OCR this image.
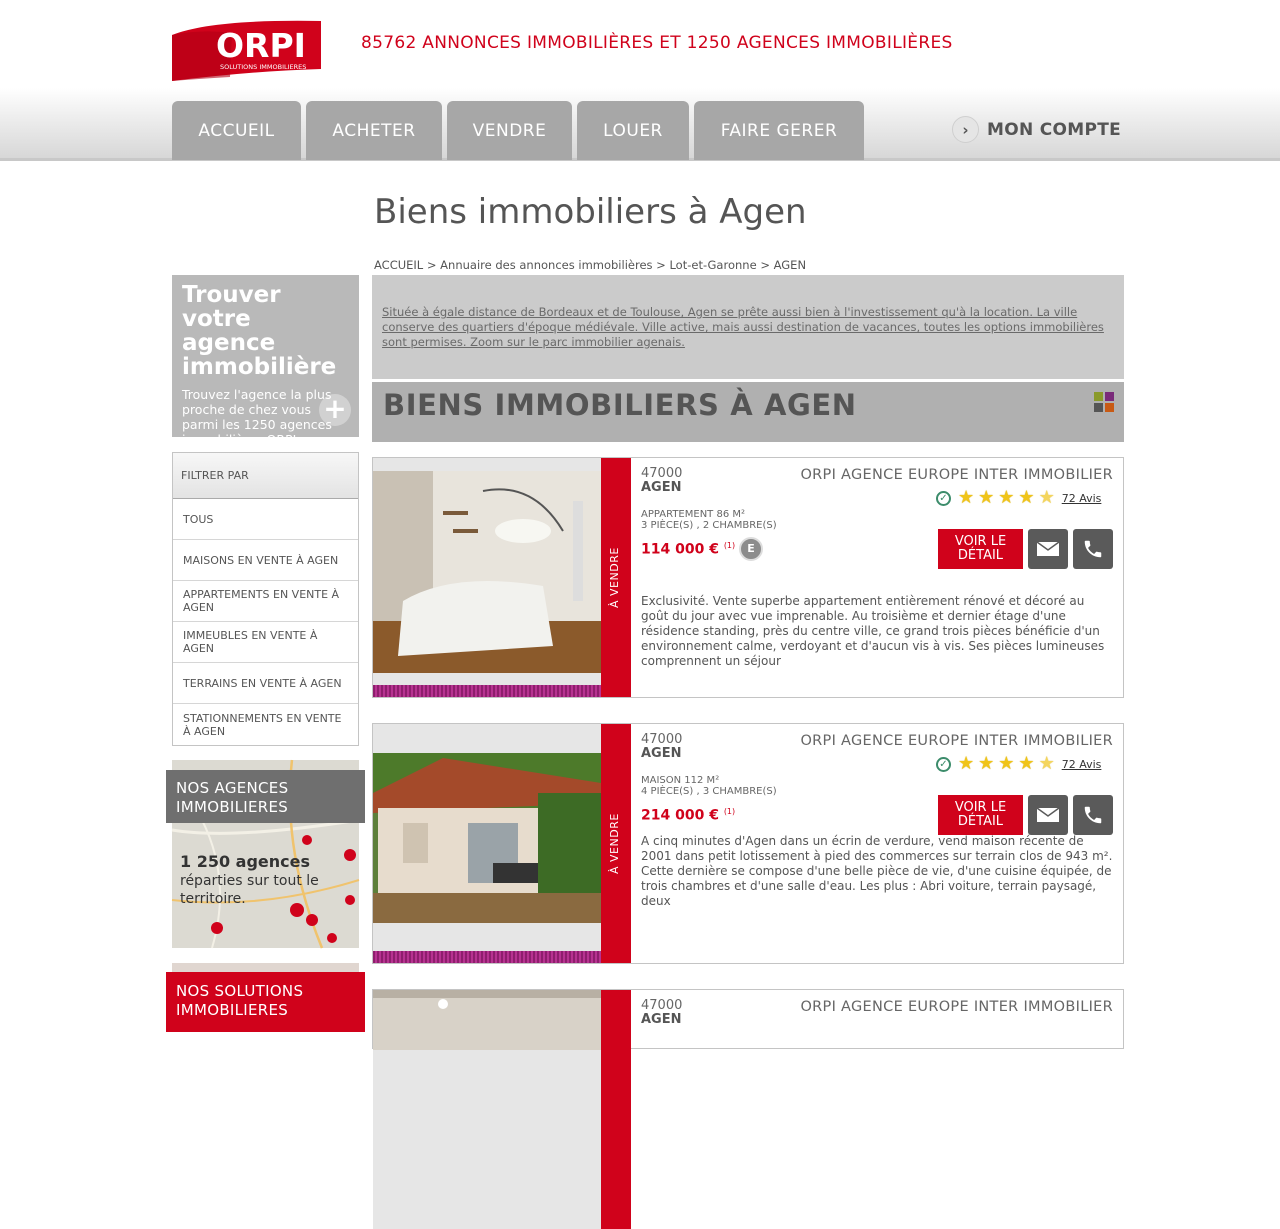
ORPI
SOLUTIONS IMMOBILIERES
85762 ANNONCES IMMOBILIÈRES ET 1250 AGENCES IMMOBILIÈRES
ACCUEIL	ACHETER	VENDRE	LOUER	FAIRE GERER	›	MON COMPTE
Biens immobiliers à Agen
ACCUEIL > Annuaire des annonces immobilières > Lot-et-Garonne > AGEN
Trouver votre agence immobilière
Trouvez l'agence la plus proche de chez vous parmi les 1250 agences immobilières ORPI
+
FILTRER PAR
TOUS
MAISONS EN VENTE À AGEN
APPARTEMENTS EN VENTE À AGEN
IMMEUBLES EN VENTE À AGEN
TERRAINS EN VENTE À AGEN
STATIONNEMENTS EN VENTE À AGEN
NOS AGENCES IMMOBILIERES
1 250 agences
réparties sur tout le territoire.
NOS SOLUTIONS IMMOBILIERES

Située à égale distance de Bordeaux et de Toulouse, Agen se prête aussi bien à l'investissement qu'à la location. La ville conserve des quartiers d'époque médiévale. Ville active, mais aussi destination de vacances, toutes les options immobilières sont permises. Zoom sur le parc immobilier agenais.

BIENS IMMOBILIERS À AGEN
À VENDRE
47000
AGEN
APPARTEMENT 86 M²
3 PIÈCE(S) , 2 CHAMBRE(S)
114 000 € $^{(1)}$	E
ORPI AGENCE EUROPE INTER IMMOBILIER
✓ ★ ★ ★ ★ ★ 72 Avis
VOIR LE DÉTAIL
Exclusivité. Vente superbe appartement entièrement rénové et décoré au goût du jour avec vue imprenable. Au troisième et dernier étage d'une résidence standing, près du centre ville, ce grand trois pièces bénéficie d'un environnement calme, verdoyant et d'aucun vis à vis. Ses pièces lumineuses comprennent un séjour
À VENDRE
47000
AGEN
MAISON 112 M²
4 PIÈCE(S) , 3 CHAMBRE(S)
214 000 € $^{(1)}$
ORPI AGENCE EUROPE INTER IMMOBILIER
✓ ★ ★ ★ ★ ★ 72 Avis
VOIR LE DÉTAIL
A cinq minutes d'Agen dans un écrin de verdure, vend maison récente de 2001 dans petit lotissement à pied des commerces sur terrain clos de 943 m². Cette dernière se compose d'une belle pièce de vie, d'une cuisine équipée, de trois chambres et d'une salle d'eau. Les plus : Abri voiture, terrain paysagé, deux
47000
AGEN
ORPI AGENCE EUROPE INTER IMMOBILIER
